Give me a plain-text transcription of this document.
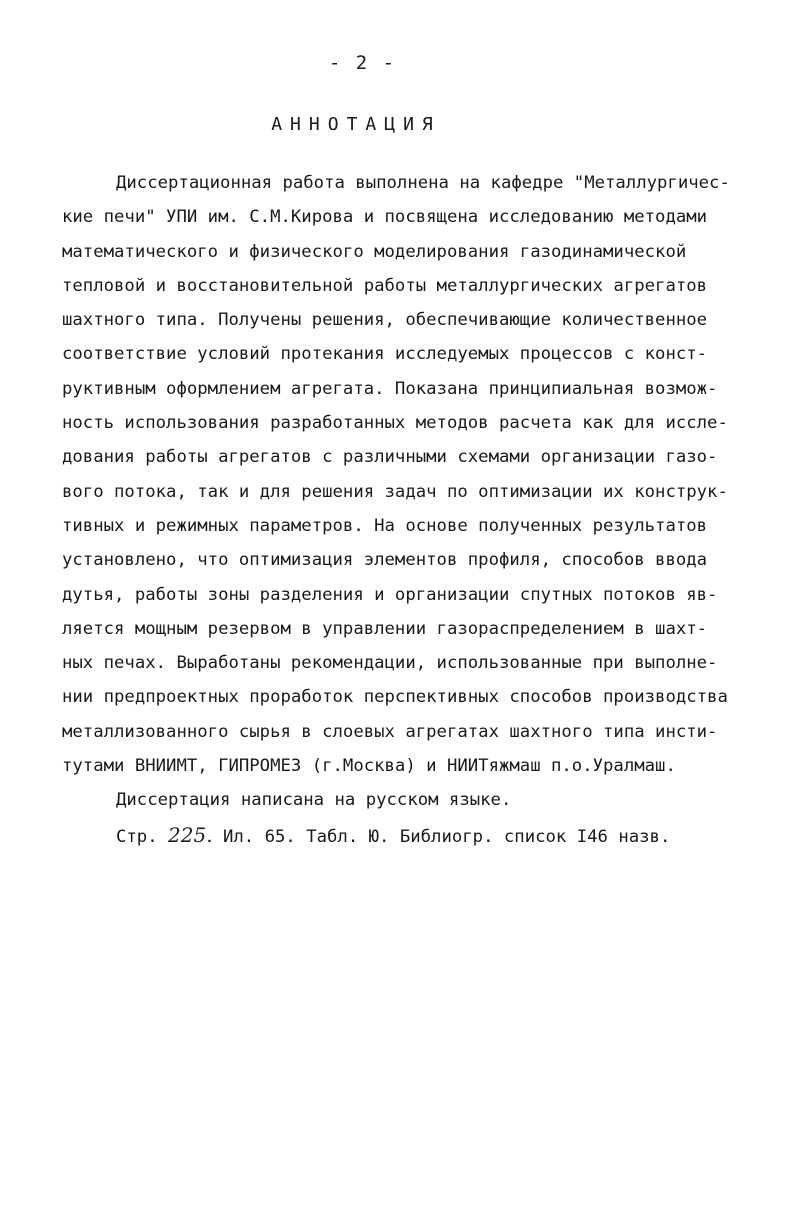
- 2 -
АННОТАЦИЯ
Диссертационная работа выполнена на кафедре "Металлургичес-
кие печи" УПИ им. С.М.Кирова и посвящена исследованию методами
математического и физического моделирования газодинамической
тепловой и восстановительной работы металлургических агрегатов
шахтного типа. Получены решения, обеспечивающие количественное
соответствие условий протекания исследуемых процессов с конст-
руктивным оформлением агрегата. Показана принципиальная возмож-
ность использования разработанных методов расчета как для иссле-
дования работы агрегатов с различными схемами организации газо-
вого потока, так и для решения задач по оптимизации их конструк-
тивных и режимных параметров. На основе полученных результатов
установлено, что оптимизация элементов профиля, способов ввода
дутья, работы зоны разделения и организации спутных потоков яв-
ляется мощным резервом в управлении газораспределением в шахт-
ных печах. Выработаны рекомендации, использованные при выполне-
нии предпроектных проработок перспективных способов производства
металлизованного сырья в слоевых агрегатах шахтного типа инсти-
тутами ВНИИМТ, ГИПРОМЕЗ (г.Москва) и НИИТяжмаш п.о.Уралмаш.
Диссертация написана на русском языке.
Стр. 225. Ил. 65. Табл. Ю. Библиогр. список I46 назв.
